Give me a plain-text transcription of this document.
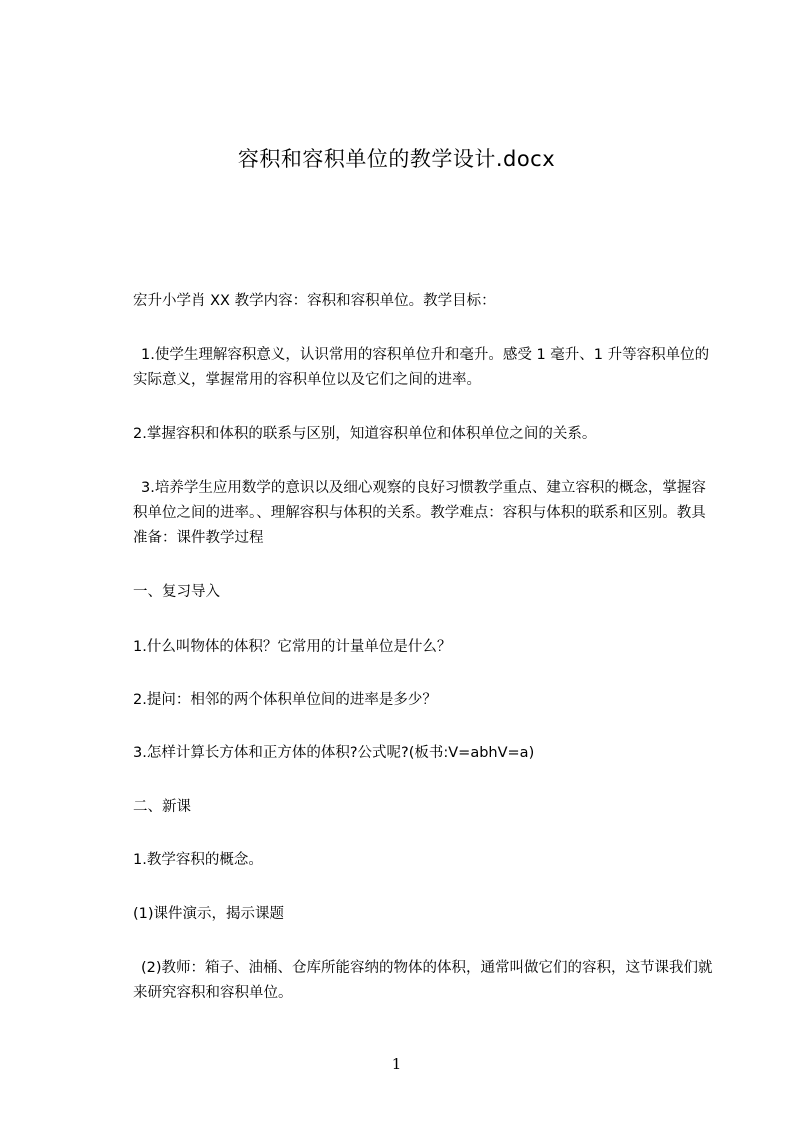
容积和容积单位的教学设计.docx

宏升小学肖 XX 教学内容：容积和容积单位。教学目标：

1.使学生理解容积意义，认识常用的容积单位升和毫升。感受 1 毫升、1 升等容积单位的实际意义，掌握常用的容积单位以及它们之间的进率。

2.掌握容积和体积的联系与区别，知道容积单位和体积单位之间的关系。

3.培养学生应用数学的意识以及细心观察的良好习惯教学重点、建立容积的概念，掌握容积单位之间的进率。、理解容积与体积的关系。教学难点：容积与体积的联系和区别。教具准备：课件教学过程

一、复习导入

1.什么叫物体的体积？它常用的计量单位是什么？

2.提问：相邻的两个体积单位间的进率是多少？

3.怎样计算长方体和正方体的体积?公式呢?(板书:V=abhV=a)

二、新课

1.教学容积的概念。

(1)课件演示，揭示课题

(2)教师：箱子、油桶、仓库所能容纳的物体的体积，通常叫做它们的容积，这节课我们就来研究容积和容积单位。

1
